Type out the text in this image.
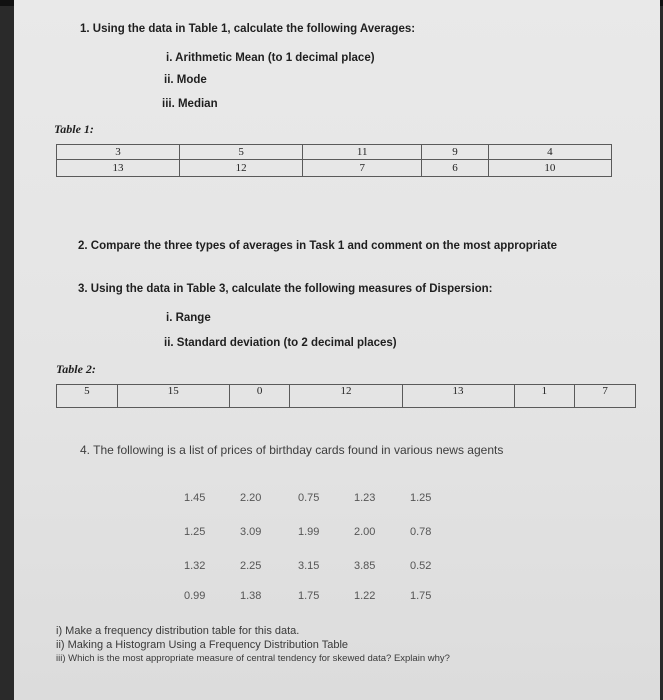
1. Using the data in Table 1, calculate the following Averages:
i. Arithmetic Mean (to 1 decimal place)
ii. Mode
iii. Median
Table 1:
3	5	11	9	4
13	12	7	6	10
2. Compare the three types of averages in Task 1 and comment on the most appropriate
3. Using the data in Table 3, calculate the following measures of Dispersion:
i. Range
ii. Standard deviation (to 2 decimal places)
Table 2:
5	15	0	12	13	1	7
4. The following is a list of prices of birthday cards found in various news agents
1.45	2.20	0.75	1.23	1.25
1.25	3.09	1.99	2.00	0.78
1.32	2.25	3.15	3.85	0.52
0.99	1.38	1.75	1.22	1.75
i) Make a frequency distribution table for this data.
ii) Making a Histogram Using a Frequency Distribution Table
iii) Which is the most appropriate measure of central tendency for skewed data? Explain why?
